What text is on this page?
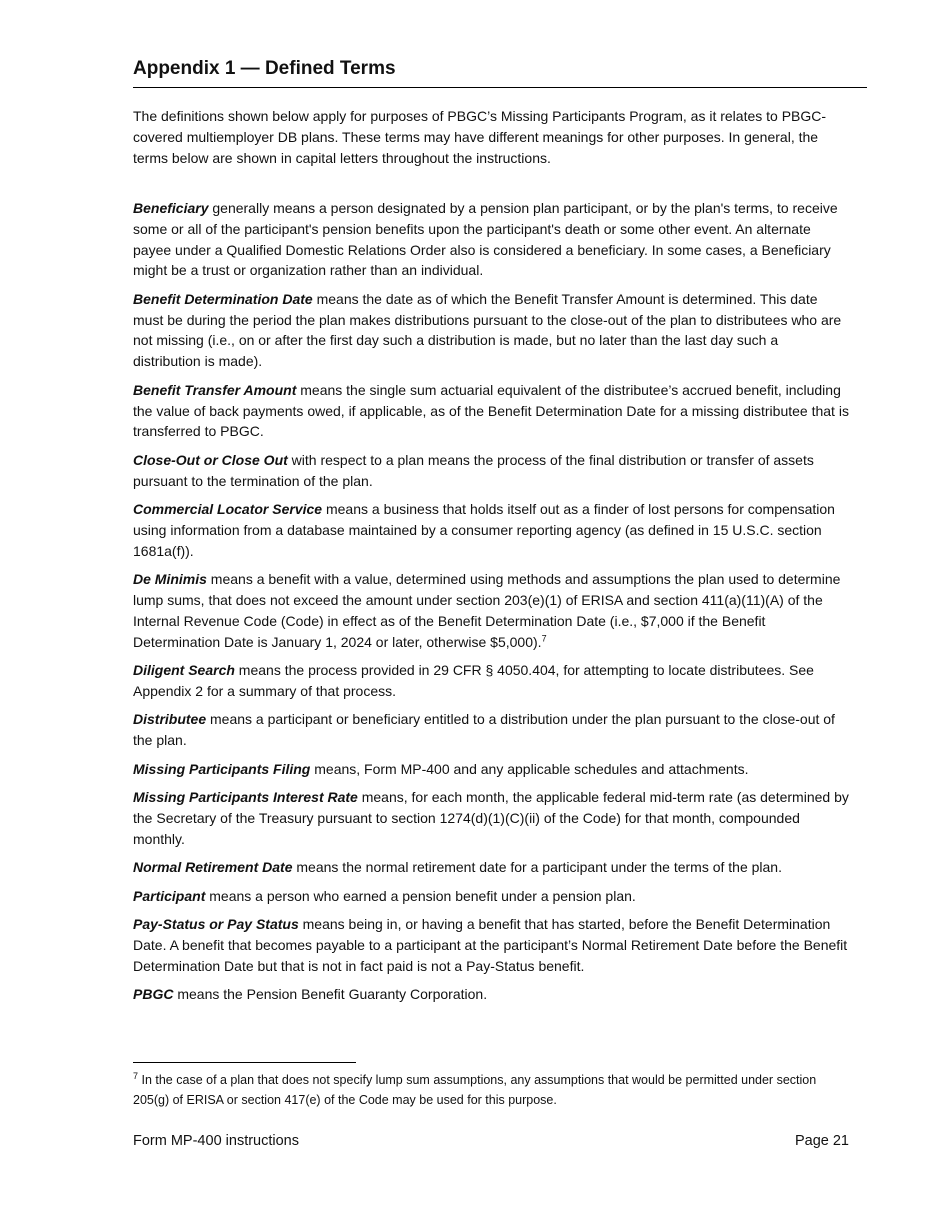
Appendix 1 — Defined Terms
The definitions shown below apply for purposes of PBGC’s Missing Participants Program, as it relates to PBGC-covered multiemployer DB plans. These terms may have different meanings for other purposes. In general, the terms below are shown in capital letters throughout the instructions.

Beneficiary generally means a person designated by a pension plan participant, or by the plan's terms, to receive some or all of the participant's pension benefits upon the participant's death or some other event. An alternate payee under a Qualified Domestic Relations Order also is considered a beneficiary. In some cases, a Beneficiary might be a trust or organization rather than an individual.

Benefit Determination Date means the date as of which the Benefit Transfer Amount is determined. This date must be during the period the plan makes distributions pursuant to the close-out of the plan to distributees who are not missing (i.e., on or after the first day such a distribution is made, but no later than the last day such a distribution is made).

Benefit Transfer Amount means the single sum actuarial equivalent of the distributee’s accrued benefit, including the value of back payments owed, if applicable, as of the Benefit Determination Date for a missing distributee that is transferred to PBGC.

Close-Out or Close Out with respect to a plan means the process of the final distribution or transfer of assets pursuant to the termination of the plan.

Commercial Locator Service means a business that holds itself out as a finder of lost persons for compensation using information from a database maintained by a consumer reporting agency (as defined in 15 U.S.C. section 1681a(f)).

De Minimis means a benefit with a value, determined using methods and assumptions the plan used to determine lump sums, that does not exceed the amount under section 203(e)(1) of ERISA and section 411(a)(11)(A) of the Internal Revenue Code (Code) in effect as of the Benefit Determination Date (i.e., $7,000 if the Benefit Determination Date is January 1, 2024 or later, otherwise $5,000).$^7$

Diligent Search means the process provided in 29 CFR § 4050.404, for attempting to locate distributees. See Appendix 2 for a summary of that process.

Distributee means a participant or beneficiary entitled to a distribution under the plan pursuant to the close-out of the plan.

Missing Participants Filing means, Form MP-400 and any applicable schedules and attachments.

Missing Participants Interest Rate means, for each month, the applicable federal mid-term rate (as determined by the Secretary of the Treasury pursuant to section 1274(d)(1)(C)(ii) of the Code) for that month, compounded monthly.

Normal Retirement Date means the normal retirement date for a participant under the terms of the plan.

Participant means a person who earned a pension benefit under a pension plan.

Pay-Status or Pay Status means being in, or having a benefit that has started, before the Benefit Determination Date. A benefit that becomes payable to a participant at the participant’s Normal Retirement Date before the Benefit Determination Date but that is not in fact paid is not a Pay-Status benefit.

PBGC means the Pension Benefit Guaranty Corporation.

$^7$ In the case of a plan that does not specify lump sum assumptions, any assumptions that would be permitted under section 205(g) of ERISA or section 417(e) of the Code may be used for this purpose.
Form MP-400 instructions	Page 21
